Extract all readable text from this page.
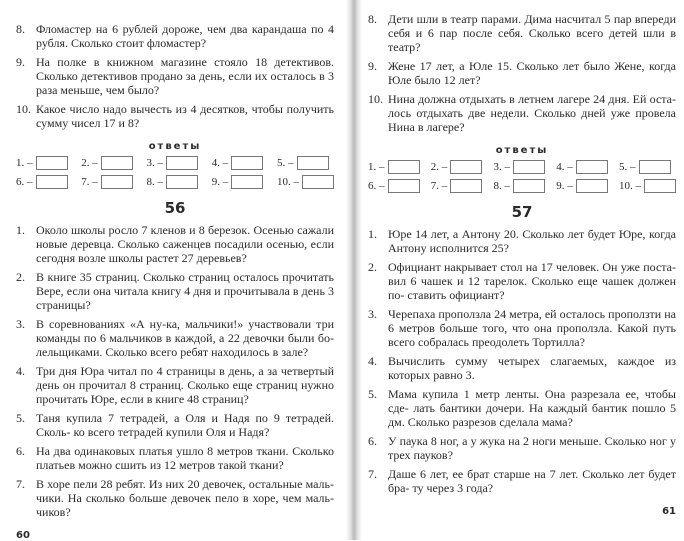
8. Фломастер на 6 рублей дороже, чем два карандаша по 4 рубля. Сколько стоит фломастер?
9. На полке в книжном магазине стояло 18 детективов. Сколько детективов продано за день, если их осталось в 3 раза меньше, чем было?
10. Какое число надо вычесть из 4 десятков, чтобы получить сумму чисел 17 и 8?
ответы
1. –	2. –	3. –	4. –	5. –
6. –	7. –	8. –	9. –	10. –
56
1. Около школы росло 7 кленов и 8 березок. Осенью сажали новые деревца. Сколько саженцев посадили осенью, если сегодня возле школы растет 27 деревьев?
2. В книге 35 страниц. Сколько страниц осталось прочитать Вере, если она читала книгу 4 дня и прочитывала в день 3 страницы?
3. В соревнованиях «А ну-ка, мальчики!» участвовали три команды по 6 мальчиков в каждой, а 22 девочки были бо- лельщиками. Сколько всего ребят находилось в зале?
4. Три дня Юра читал по 4 страницы в день, а за четвертый день он прочитал 8 страниц. Сколько еще страниц нужно прочитать Юре, если в книге 48 страниц?
5. Таня купила 7 тетрадей, а Оля и Надя по 9 тетрадей. Сколь- ко всего тетрадей купили Оля и Надя?
6. На два одинаковых платья ушло 8 метров ткани. Сколько платьев можно сшить из 12 метров такой ткани?
7. В хоре пели 28 ребят. Из них 20 девочек, остальные маль- чики. На сколько больше девочек пело в хоре, чем маль- чиков?
60
8. Дети шли в театр парами. Дима насчитал 5 пар впереди себя и 6 пар после себя. Сколько всего детей шли в театр?
9. Жене 17 лет, а Юле 15. Сколько лет было Жене, когда Юле было 12 лет?
10. Нина должна отдыхать в летнем лагере 24 дня. Ей оста- лось отдыхать две недели. Сколько дней уже провела Нина в лагере?
ответы
1. –	2. –	3. –	4. –	5. –
6. –	7. –	8. –	9. –	10. –
57
1. Юре 14 лет, а Антону 20. Сколько лет будет Юре, когда Антону исполнится 25?
2. Официант накрывает стол на 17 человек. Он уже поста- вил 6 чашек и 12 тарелок. Сколько еще чашек должен по- ставить официант?
3. Черепаха проползла 24 метра, ей осталось проползти на 6 метров больше того, что она проползла. Какой путь всего собралась преодолеть Тортилла?
4. Вычислить сумму четырех слагаемых, каждое из которых равно 3.
5. Мама купила 1 метр ленты. Она разрезала ее, чтобы сде- лать бантики дочери. На каждый бантик пошло 5 дм. Сколько разрезов сделала мама?
6. У паука 8 ног, а у жука на 2 ноги меньше. Сколько ног у трех пауков?
7. Даше 6 лет, ее брат старше на 7 лет. Сколько лет будет бра- ту через 3 года?
61
